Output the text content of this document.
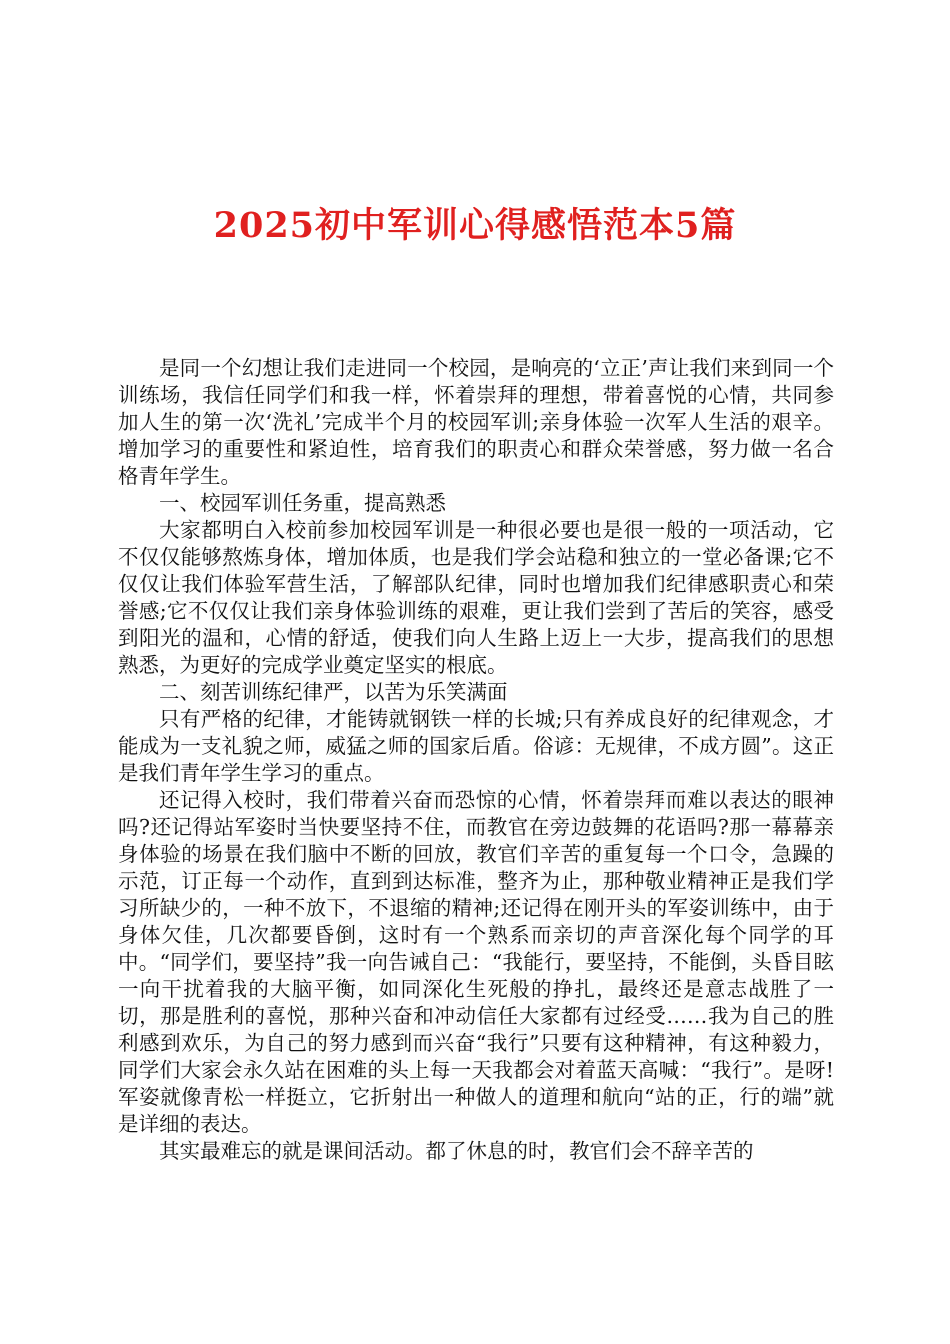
2025初中军训心得感悟范本5篇

是同一个幻想让我们走进同一个校园，是响亮的‘立正’声让我们来到同一个训练场，我信任同学们和我一样，怀着崇拜的理想，带着喜悦的心情，共同参加人生的第一次‘洗礼’完成半个月的校园军训;亲身体验一次军人生活的艰辛。增加学习的重要性和紧迫性，培育我们的职责心和群众荣誉感，努力做一名合格青年学生。

一、校园军训任务重，提高熟悉

大家都明白入校前参加校园军训是一种很必要也是很一般的一项活动，它不仅仅能够熬炼身体，增加体质，也是我们学会站稳和独立的一堂必备课;它不仅仅让我们体验军营生活，了解部队纪律，同时也增加我们纪律感职责心和荣誉感;它不仅仅让我们亲身体验训练的艰难，更让我们尝到了苦后的笑容，感受到阳光的温和，心情的舒适，使我们向人生路上迈上一大步，提高我们的思想熟悉，为更好的完成学业奠定坚实的根底。

二、刻苦训练纪律严，以苦为乐笑满面

只有严格的纪律，才能铸就钢铁一样的长城;只有养成良好的纪律观念，才能成为一支礼貌之师，威猛之师的国家后盾。俗谚：无规律，不成方圆”。这正是我们青年学生学习的重点。

还记得入校时，我们带着兴奋而恐惊的心情，怀着崇拜而难以表达的眼神吗?还记得站军姿时当快要坚持不住，而教官在旁边鼓舞的花语吗?那一幕幕亲身体验的场景在我们脑中不断的回放，教官们辛苦的重复每一个口令，急躁的示范，订正每一个动作，直到到达标准，整齐为止，那种敬业精神正是我们学习所缺少的，一种不放下，不退缩的精神;还记得在刚开头的军姿训练中，由于身体欠佳，几次都要昏倒，这时有一个熟系而亲切的声音深化每个同学的耳中。“同学们，要坚持”我一向告诫自己：“我能行，要坚持，不能倒，头昏目眩一向干扰着我的大脑平衡，如同深化生死般的挣扎，最终还是意志战胜了一切，那是胜利的喜悦，那种兴奋和冲动信任大家都有过经受……我为自己的胜利感到欢乐，为自己的努力感到而兴奋“我行”只要有这种精神，有这种毅力，同学们大家会永久站在困难的头上每一天我都会对着蓝天高喊：“我行”。是呀!军姿就像青松一样挺立，它折射出一种做人的道理和航向“站的正，行的端”就是详细的表达。

其实最难忘的就是课间活动。都了休息的时，教官们会不辞辛苦的
